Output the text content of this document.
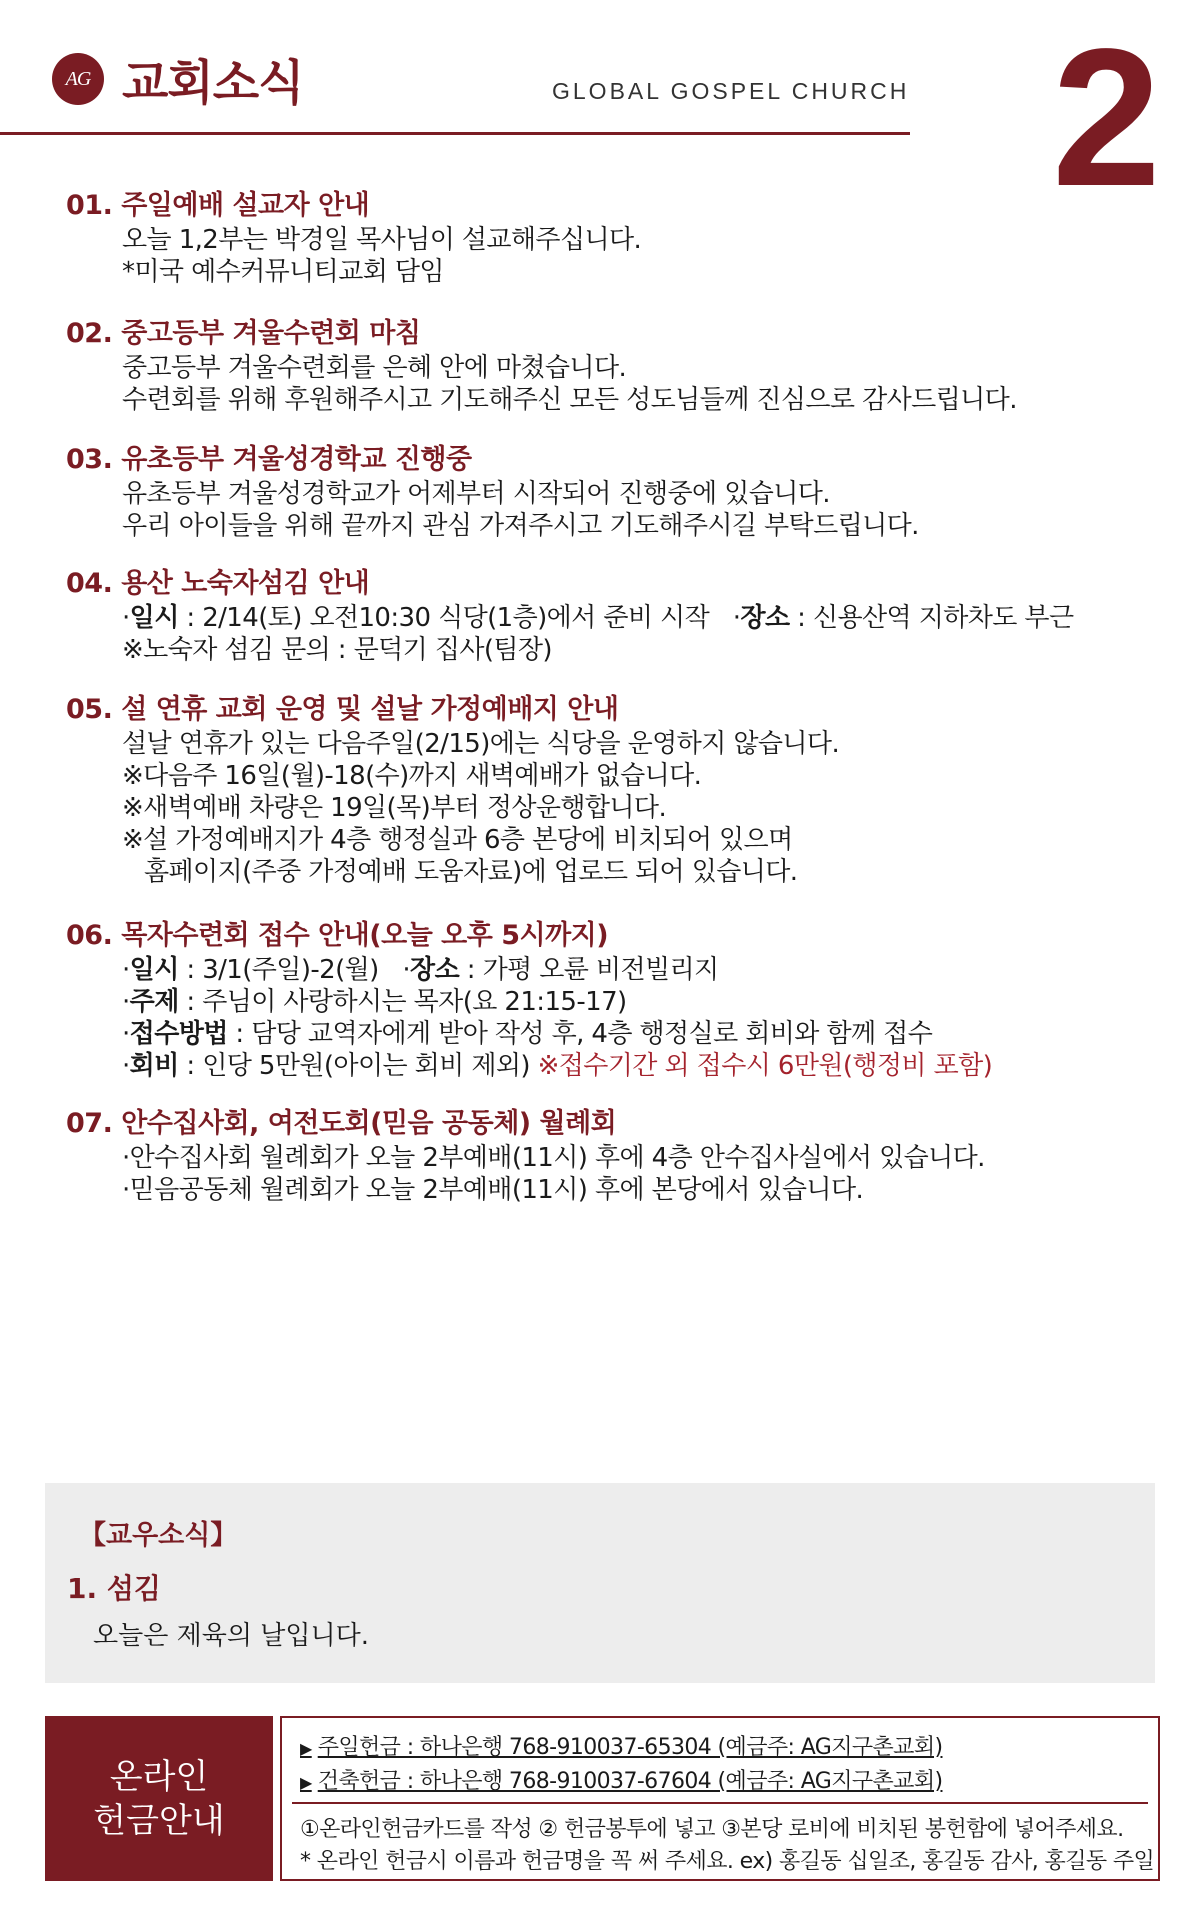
AG 교회소식	GLOBAL GOSPEL CHURCH 2
01. 주일예배 설교자 안내
오늘 1,2부는 박경일 목사님이 설교해주십니다.
*미국 예수커뮤니티교회 담임
02. 중고등부 겨울수련회 마침
중고등부 겨울수련회를 은혜 안에 마쳤습니다.
수련회를 위해 후원해주시고 기도해주신 모든 성도님들께 진심으로 감사드립니다.
03. 유초등부 겨울성경학교 진행중
유초등부 겨울성경학교가 어제부터 시작되어 진행중에 있습니다.
우리 아이들을 위해 끝까지 관심 가져주시고 기도해주시길 부탁드립니다.
04. 용산 노숙자섬김 안내
·일시 : 2/14(토) 오전10:30 식당(1층)에서 준비 시작 ·장소 : 신용산역 지하차도 부근
※노숙자 섬김 문의 : 문덕기 집사(팀장)
05. 설 연휴 교회 운영 및 설날 가정예배지 안내
설날 연휴가 있는 다음주일(2/15)에는 식당을 운영하지 않습니다.
※다음주 16일(월)-18(수)까지 새벽예배가 없습니다.
※새벽예배 차량은 19일(목)부터 정상운행합니다.
※설 가정예배지가 4층 행정실과 6층 본당에 비치되어 있으며
홈페이지(주중 가정예배 도움자료)에 업로드 되어 있습니다.
06. 목자수련회 접수 안내(오늘 오후 5시까지)
·일시 : 3/1(주일)-2(월) ·장소 : 가평 오륜 비전빌리지
·주제 : 주님이 사랑하시는 목자(요 21:15-17)
·접수방법 : 담당 교역자에게 받아 작성 후, 4층 행정실로 회비와 함께 접수
·회비 : 인당 5만원(아이는 회비 제외) ※접수기간 외 접수시 6만원(행정비 포함)
07. 안수집사회, 여전도회(믿음 공동체) 월례회
·안수집사회 월례회가 오늘 2부예배(11시) 후에 4층 안수집사실에서 있습니다.
·믿음공동체 월례회가 오늘 2부예배(11시) 후에 본당에서 있습니다.
【교우소식】
1. 섬김
오늘은 제육의 날입니다.
온라인
헌금안내
▶ 주일헌금 : 하나은행 768-910037-65304 (예금주: AG지구촌교회)
▶ 건축헌금 : 하나은행 768-910037-67604 (예금주: AG지구촌교회)
①온라인헌금카드를 작성 ② 헌금봉투에 넣고 ③본당 로비에 비치된 봉헌함에 넣어주세요.
* 온라인 헌금시 이름과 헌금명을 꼭 써 주세요. ex) 홍길동 십일조, 홍길동 감사, 홍길동 주일
